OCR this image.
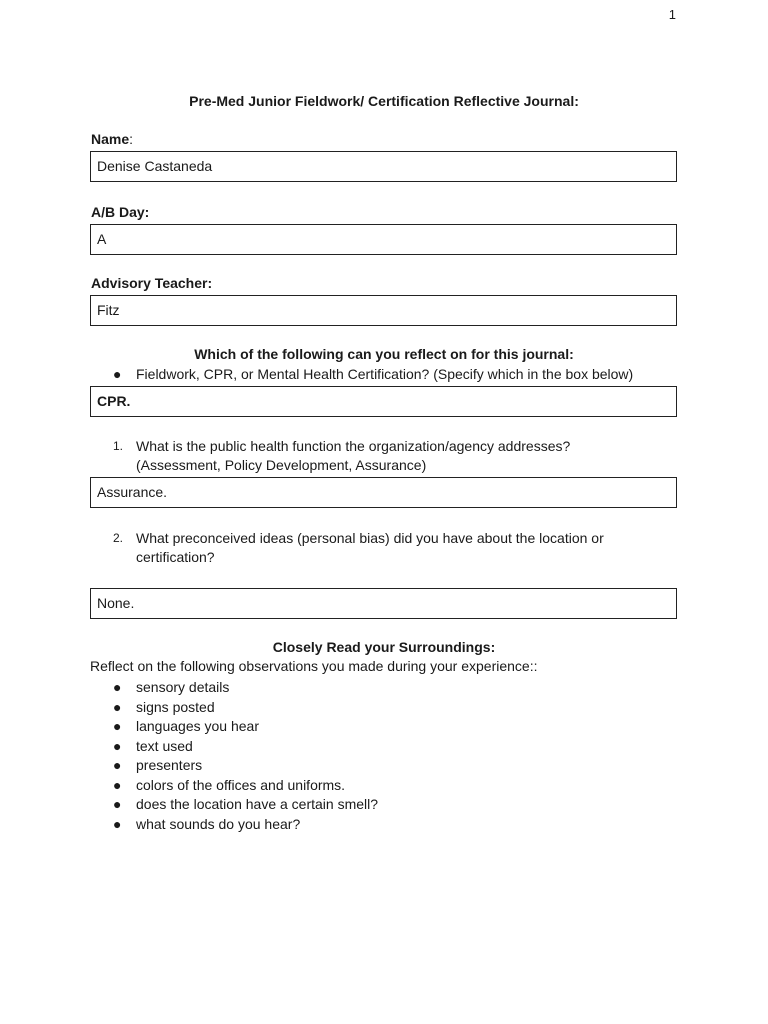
1
Pre-Med Junior Fieldwork/ Certification Reflective Journal:
Name:
Denise Castaneda
A/B Day:
A
Advisory Teacher:
Fitz
Which of the following can you reflect on for this journal:
● Fieldwork, CPR, or Mental Health Certification? (Specify which in the box below)
CPR.
1. What is the public health function the organization/agency addresses?
(Assessment, Policy Development, Assurance)
Assurance.
2. What preconceived ideas (personal bias) did you have about the location or
certification?
None.
Closely Read your Surroundings:
Reflect on the following observations you made during your experience::
● sensory details
● signs posted
● languages you hear
● text used
● presenters
● colors of the offices and uniforms.
● does the location have a certain smell?
● what sounds do you hear?
